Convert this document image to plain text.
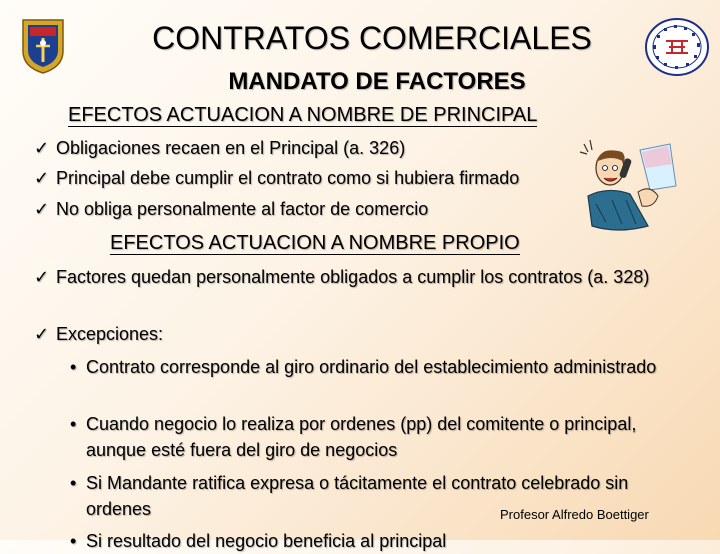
CONTRATOS COMERCIALES
MANDATO DE FACTORES
EFECTOS ACTUACION A NOMBRE DE PRINCIPAL
✓ Obligaciones recaen en el Principal (a. 326)
✓ Principal debe cumplir el contrato como si hubiera firmado
✓ No obliga personalmente al factor de comercio
EFECTOS ACTUACION A NOMBRE PROPIO
✓ Factores quedan personalmente obligados a cumplir los contratos (a. 328)
✓ Excepciones:
• Contrato corresponde al giro ordinario del establecimiento administrado
• Cuando negocio lo realiza por ordenes (pp) del comitente o principal, aunque esté fuera del giro de negocios
• Si Mandante ratifica expresa o tácitamente el contrato celebrado sin ordenes
• Si resultado del negocio beneficia al principal
Profesor Alfredo Boettiger
